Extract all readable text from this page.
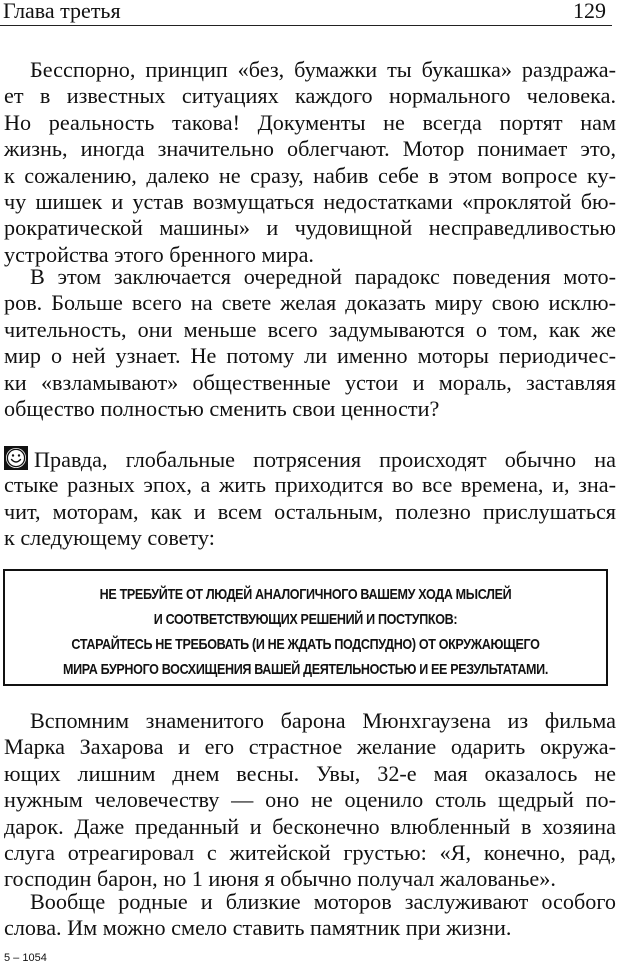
Глава третья	129
Бесспорно, принцип «без, бумажки ты букашка» раздража-
ет в известных ситуациях каждого нормального человека.
Но реальность такова! Документы не всегда портят нам
жизнь, иногда значительно облегчают. Мотор понимает это,
к сожалению, далеко не сразу, набив себе в этом вопросе ку-
чу шишек и устав возмущаться недостатками «проклятой бю-
рократической машины» и чудовищной несправедливостью
устройства этого бренного мира.
В этом заключается очередной парадокс поведения мото-
ров. Больше всего на свете желая доказать миру свою исклю-
чительность, они меньше всего задумываются о том, как же
мир о ней узнает. Не потому ли именно моторы периодичес-
ки «взламывают» общественные устои и мораль, заставляя
общество полностью сменить свои ценности?
Правда, глобальные потрясения происходят обычно на
стыке разных эпох, а жить приходится во все времена, и, зна-
чит, моторам, как и всем остальным, полезно прислушаться
к следующему совету:
НЕ ТРЕБУЙТЕ ОТ ЛЮДЕЙ АНАЛОГИЧНОГО ВАШЕМУ ХОДА МЫСЛЕЙ
И СООТВЕТСТВУЮЩИХ РЕШЕНИЙ И ПОСТУПКОВ:
СТАРАЙТЕСЬ НЕ ТРЕБОВАТЬ (И НЕ ЖДАТЬ ПОДСПУДНО) ОТ ОКРУЖАЮЩЕГО
МИРА БУРНОГО ВОСХИЩЕНИЯ ВАШЕЙ ДЕЯТЕЛЬНОСТЬЮ И ЕЕ РЕЗУЛЬТАТАМИ.
Вспомним знаменитого барона Мюнхгаузена из фильма
Марка Захарова и его страстное желание одарить окружа-
ющих лишним днем весны. Увы, 32-е мая оказалось не
нужным человечеству — оно не оценило столь щедрый по-
дарок. Даже преданный и бесконечно влюбленный в хозяина
слуга отреагировал с житейской грустью: «Я, конечно, рад,
господин барон, но 1 июня я обычно получал жалованье».
Вообще родные и близкие моторов заслуживают особого
слова. Им можно смело ставить памятник при жизни.
5 – 1054
